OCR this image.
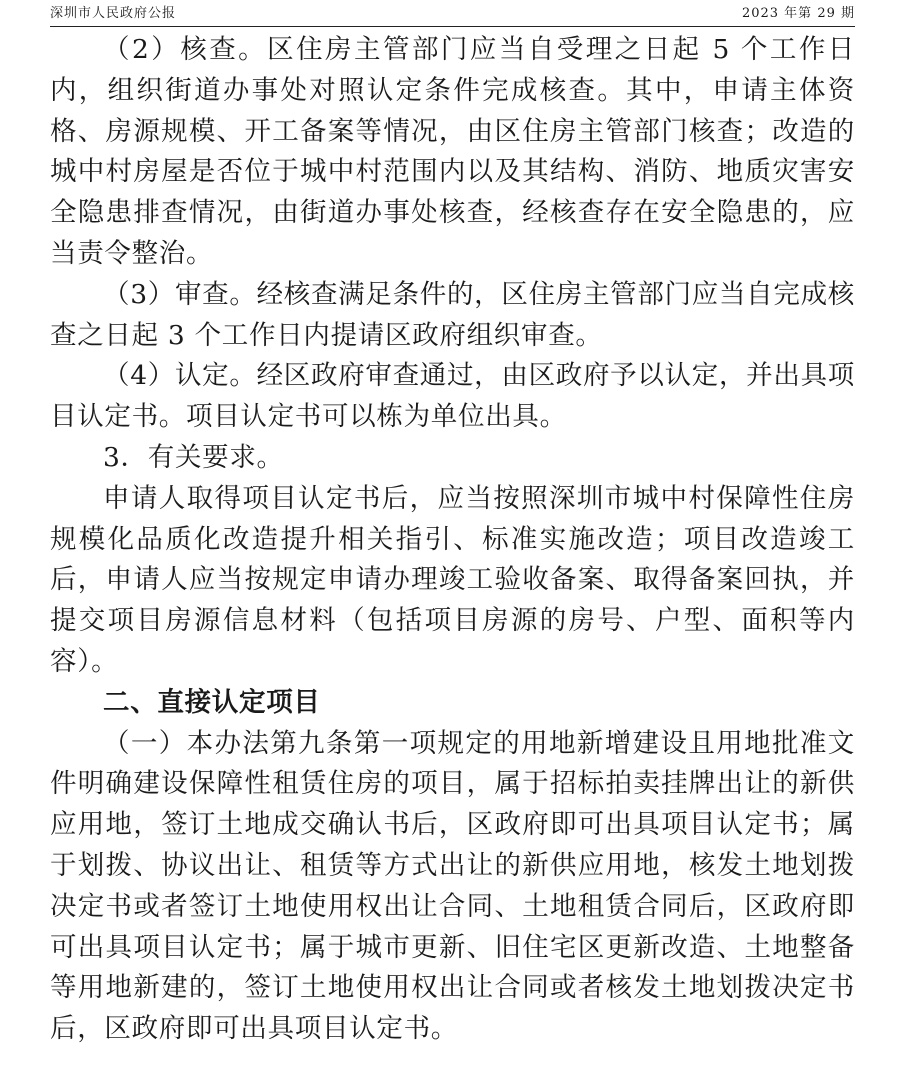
深圳市人民政府公报	2023 年第 29 期

（2）核查。区住房主管部门应当自受理之日起 5 个工作日内，组织街道办事处对照认定条件完成核查。其中，申请主体资格、房源规模、开工备案等情况，由区住房主管部门核查；改造的城中村房屋是否位于城中村范围内以及其结构、消防、地质灾害安全隐患排查情况，由街道办事处核查，经核查存在安全隐患的，应当责令整治。

（3）审查。经核查满足条件的，区住房主管部门应当自完成核查之日起 3 个工作日内提请区政府组织审查。

（4）认定。经区政府审查通过，由区政府予以认定，并出具项目认定书。项目认定书可以栋为单位出具。

3．有关要求。

申请人取得项目认定书后，应当按照深圳市城中村保障性住房规模化品质化改造提升相关指引、标准实施改造；项目改造竣工后，申请人应当按规定申请办理竣工验收备案、取得备案回执，并提交项目房源信息材料（包括项目房源的房号、户型、面积等内容）。

二、直接认定项目

（一）本办法第九条第一项规定的用地新增建设且用地批准文件明确建设保障性租赁住房的项目，属于招标拍卖挂牌出让的新供应用地，签订土地成交确认书后，区政府即可出具项目认定书；属于划拨、协议出让、租赁等方式出让的新供应用地，核发土地划拨决定书或者签订土地使用权出让合同、土地租赁合同后，区政府即可出具项目认定书；属于城市更新、旧住宅区更新改造、土地整备等用地新建的，签订土地使用权出让合同或者核发土地划拨决定书后，区政府即可出具项目认定书。
